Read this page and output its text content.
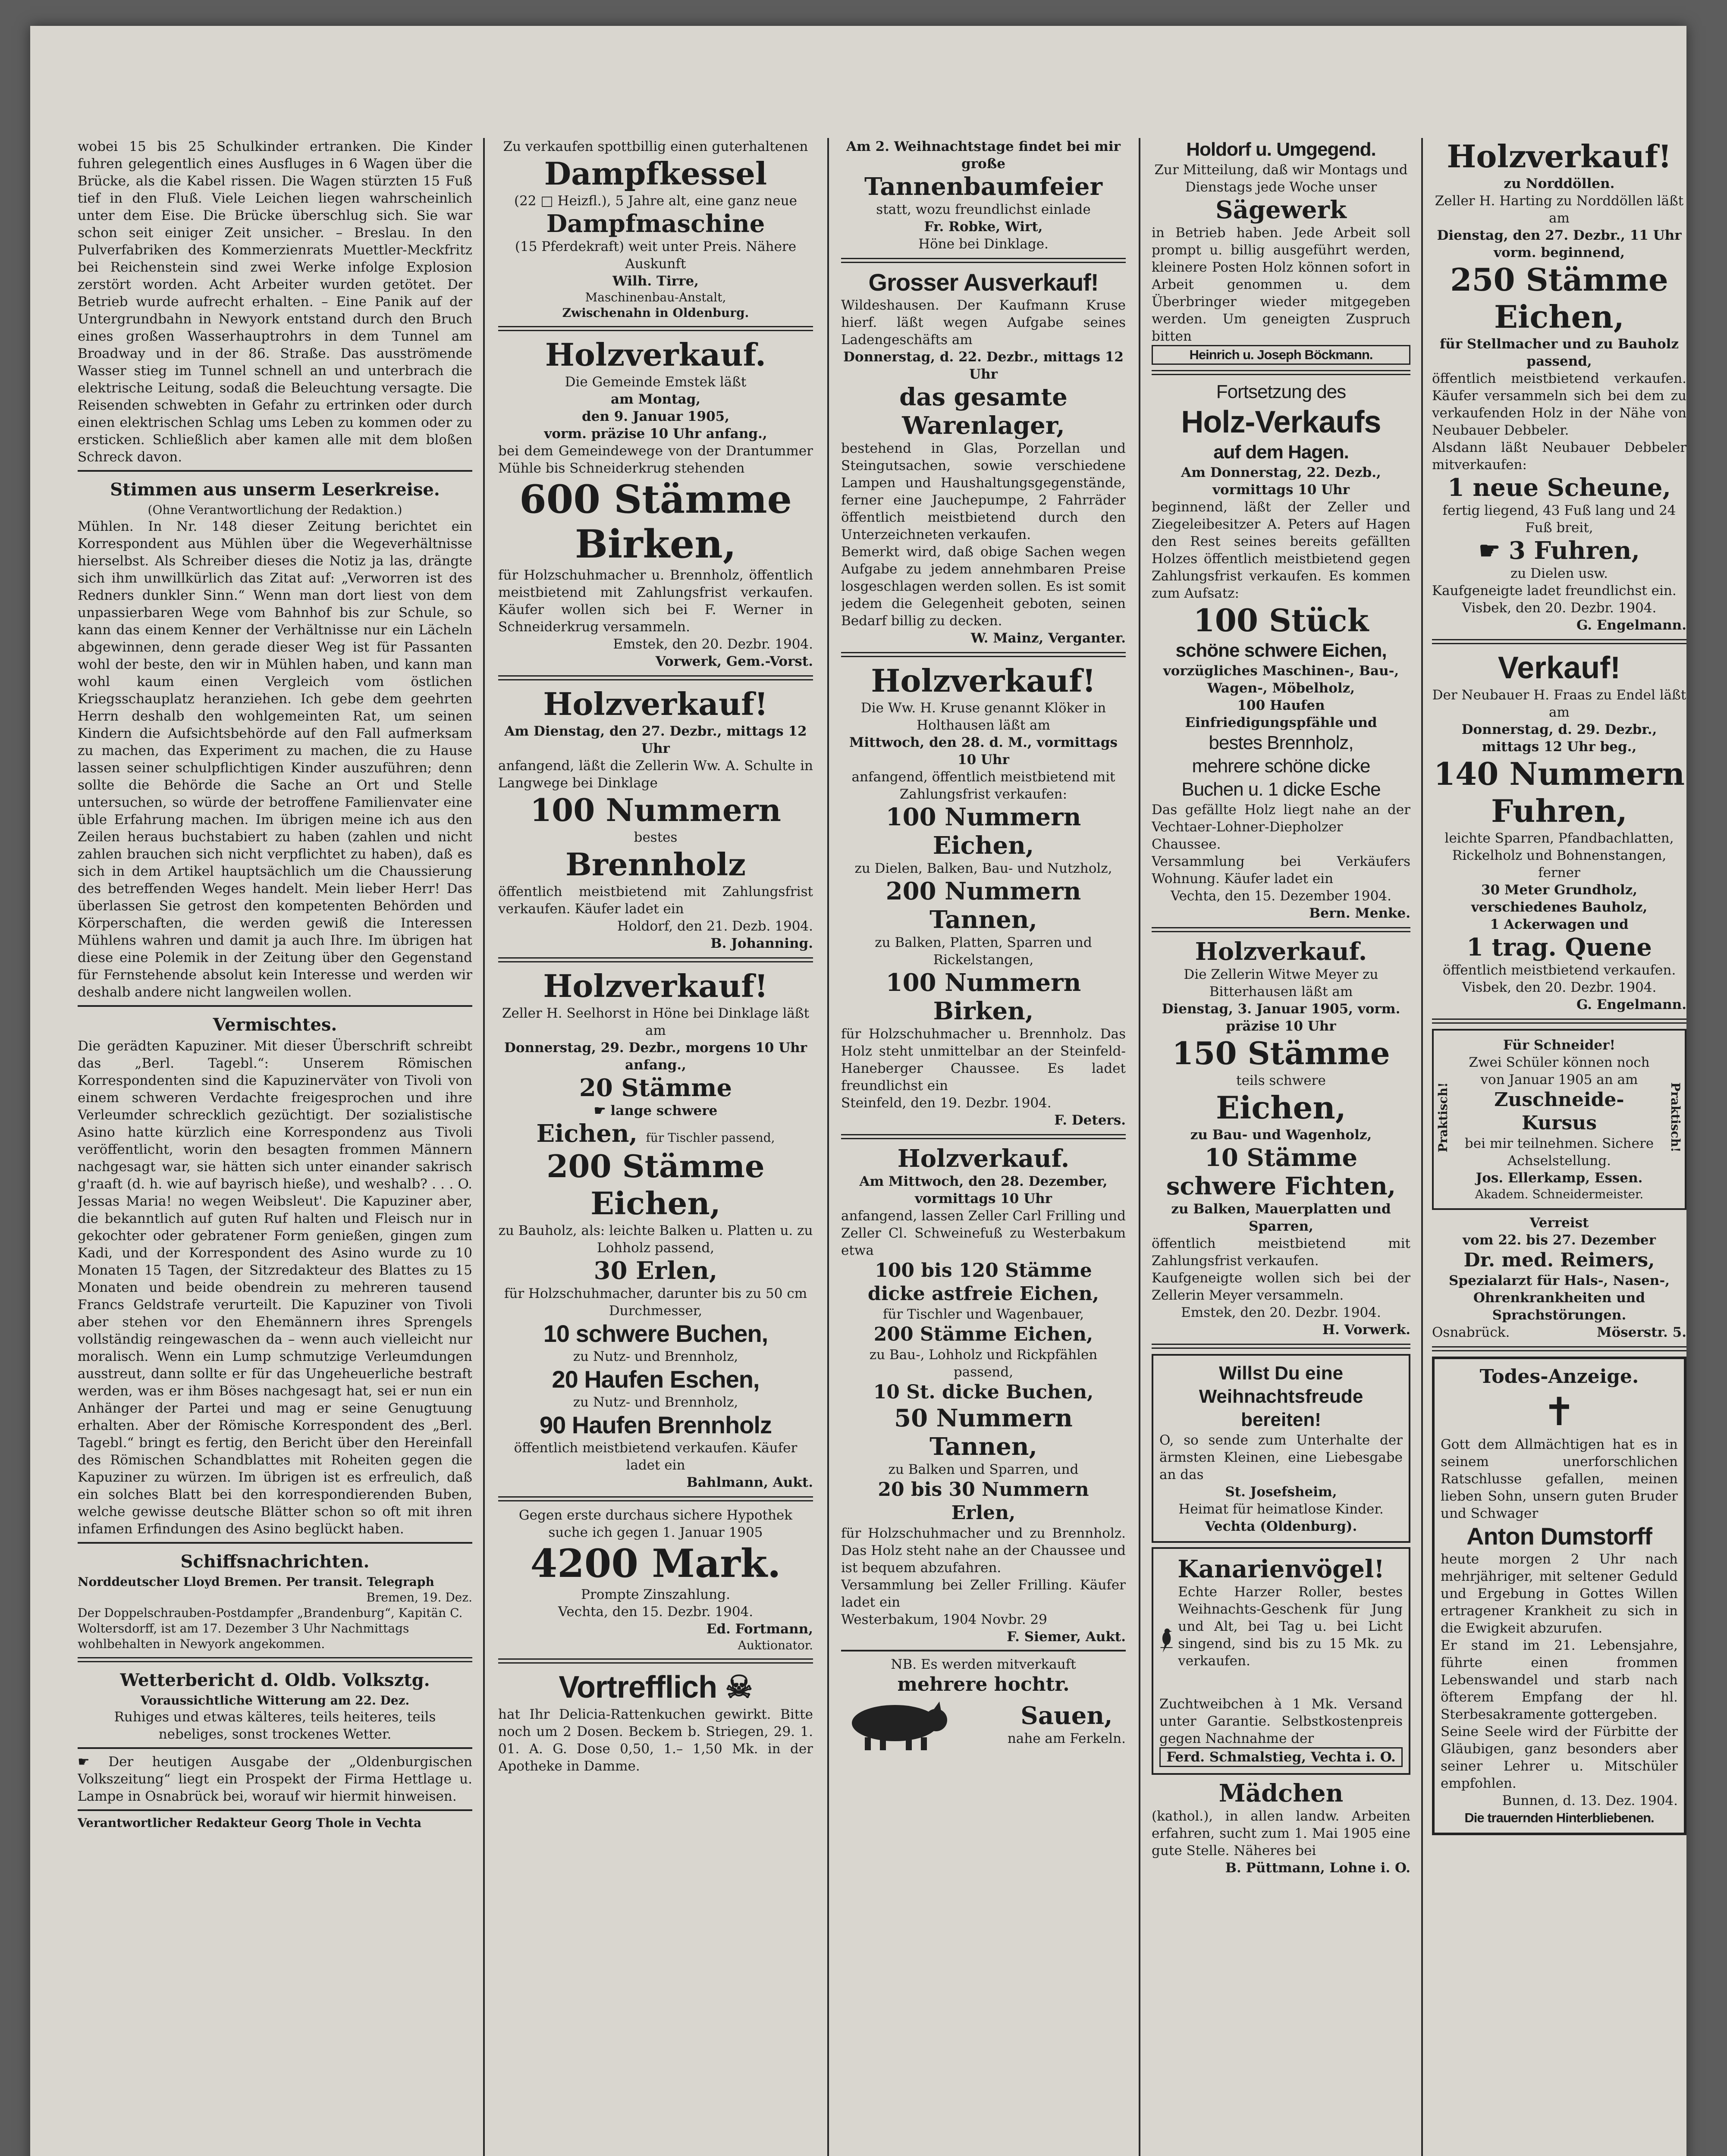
wobei 15 bis 25 Schulkinder ertranken. Die Kinder fuhren gelegentlich eines Ausfluges in 6 Wagen über die Brücke, als die Kabel rissen. Die Wagen stürzten 15 Fuß tief in den Fluß. Viele Leichen liegen wahrscheinlich unter dem Eise. Die Brücke überschlug sich. Sie war schon seit einiger Zeit unsicher. – Breslau. In den Pulverfabriken des Kommerzienrats Muettler-Meckfritz bei Reichenstein sind zwei Werke infolge Explosion zerstört worden. Acht Arbeiter wurden getötet. Der Betrieb wurde aufrecht erhalten. – Eine Panik auf der Untergrundbahn in Newyork entstand durch den Bruch eines großen Wasserhauptrohrs in dem Tunnel am Broadway und in der 86. Straße. Das ausströmende Wasser stieg im Tunnel schnell an und unterbrach die elektrische Leitung, sodaß die Beleuchtung versagte. Die Reisenden schwebten in Gefahr zu ertrinken oder durch einen elektrischen Schlag ums Leben zu kommen oder zu ersticken. Schließlich aber kamen alle mit dem bloßen Schreck davon.
Stimmen aus unserm Leserkreise.
(Ohne Verantwortlichung der Redaktion.)
Mühlen. In Nr. 148 dieser Zeitung berichtet ein Korrespondent aus Mühlen über die Wegeverhältnisse hierselbst. Als Schreiber dieses die Notiz ja las, drängte sich ihm unwillkürlich das Zitat auf: „Verworren ist des Redners dunkler Sinn.“ Wenn man dort liest von dem unpassierbaren Wege vom Bahnhof bis zur Schule, so kann das einem Kenner der Verhältnisse nur ein Lächeln abgewinnen, denn gerade dieser Weg ist für Passanten wohl der beste, den wir in Mühlen haben, und kann man wohl kaum einen Vergleich vom östlichen Kriegsschauplatz heranziehen. Ich gebe dem geehrten Herrn deshalb den wohlgemeinten Rat, um seinen Kindern die Aufsichtsbehörde auf den Fall aufmerksam zu machen, das Experiment zu machen, die zu Hause lassen seiner schulpflichtigen Kinder auszuführen; denn sollte die Behörde die Sache an Ort und Stelle untersuchen, so würde der betroffene Familienvater eine üble Erfahrung machen. Im übrigen meine ich aus den Zeilen heraus buchstabiert zu haben (zahlen und nicht zahlen brauchen sich nicht verpflichtet zu haben), daß es sich in dem Artikel hauptsächlich um die Chaussierung des betreffenden Weges handelt. Mein lieber Herr! Das überlassen Sie getrost den kompetenten Behörden und Körperschaften, die werden gewiß die Interessen Mühlens wahren und damit ja auch Ihre. Im übrigen hat diese eine Polemik in der Zeitung über den Gegenstand für Fernstehende absolut kein Interesse und werden wir deshalb andere nicht langweilen wollen.
Vermischtes.
Die gerädten Kapuziner. Mit dieser Überschrift schreibt das „Berl. Tagebl.“: Unserem Römischen Korrespondenten sind die Kapuzinerväter von Tivoli von einem schweren Verdachte freigesprochen und ihre Verleumder schrecklich gezüchtigt. Der sozialistische Asino hatte kürzlich eine Korrespondenz aus Tivoli veröffentlicht, worin den besagten frommen Männern nachgesagt war, sie hätten sich unter einander sakrisch g'raaft (d. h. wie auf bayrisch hieße), und weshalb? . . . O. Jessas Maria! no wegen Weibsleut'. Die Kapuziner aber, die bekanntlich auf guten Ruf halten und Fleisch nur in gekochter oder gebratener Form genießen, gingen zum Kadi, und der Korrespondent des Asino wurde zu 10 Monaten 15 Tagen, der Sitzredakteur des Blattes zu 15 Monaten und beide obendrein zu mehreren tausend Francs Geldstrafe verurteilt. Die Kapuziner von Tivoli aber stehen vor den Ehemännern ihres Sprengels vollständig reingewaschen da – wenn auch vielleicht nur moralisch. Wenn ein Lump schmutzige Verleumdungen ausstreut, dann sollte er für das Ungeheuerliche bestraft werden, was er ihm Böses nachgesagt hat, sei er nun ein Anhänger der Partei und mag er seine Genugtuung erhalten. Aber der Römische Korrespondent des „Berl. Tagebl.“ bringt es fertig, den Bericht über den Hereinfall des Römischen Schandblattes mit Roheiten gegen die Kapuziner zu würzen. Im übrigen ist es erfreulich, daß ein solches Blatt bei den korrespondierenden Buben, welche gewisse deutsche Blätter schon so oft mit ihren infamen Erfindungen des Asino beglückt haben.
Schiffsnachrichten.
Norddeutscher Lloyd Bremen. Per transit. Telegraph
Bremen, 19. Dez.
Der Doppelschrauben-Postdampfer „Brandenburg“, Kapitän C. Woltersdorff, ist am 17. Dezember 3 Uhr Nachmittags wohlbehalten in Newyork angekommen.
Wetterbericht d. Oldb. Volksztg.
Voraussichtliche Witterung am 22. Dez.
Ruhiges und etwas kälteres, teils heiteres, teils nebeliges, sonst trockenes Wetter.
☛ Der heutigen Ausgabe der „Oldenburgischen Volkszeitung“ liegt ein Prospekt der Firma Hettlage u. Lampe in Osnabrück bei, worauf wir hiermit hinweisen.
Verantwortlicher Redakteur Georg Thole in Vechta
Zu verkaufen spottbillig einen guterhaltenen
Dampfkessel
(22 □ Heizfl.), 5 Jahre alt, eine ganz neue
Dampfmaschine
(15 Pferdekraft) weit unter Preis. Nähere Auskunft
Wilh. Tirre,
Maschinenbau-Anstalt,
Zwischenahn in Oldenburg.
Holzverkauf.
Die Gemeinde Emstek läßt
am Montag,
den 9. Januar 1905,
vorm. präzise 10 Uhr anfang.,
bei dem Gemeindewege von der Drantummer Mühle bis Schneiderkrug stehenden
600 Stämme
Birken,
für Holzschuhmacher u. Brennholz, öffentlich meistbietend mit Zahlungsfrist verkaufen. Käufer wollen sich bei F. Werner in Schneiderkrug versammeln.
Emstek, den 20. Dezbr. 1904.
Vorwerk, Gem.-Vorst.
Holzverkauf!
Am Dienstag, den 27. Dezbr., mittags 12 Uhr
anfangend, läßt die Zellerin Ww. A. Schulte in Langwege bei Dinklage
100 Nummern
bestes
Brennholz
öffentlich meistbietend mit Zahlungsfrist verkaufen. Käufer ladet ein
Holdorf, den 21. Dezb. 1904.
B. Johanning.
Holzverkauf!
Zeller H. Seelhorst in Höne bei Dinklage läßt am
Donnerstag, 29. Dezbr., morgens 10 Uhr anfang.,
20 Stämme
☛ lange schwere
Eichen, für Tischler passend,
200 Stämme
Eichen,
zu Bauholz, als: leichte Balken u. Platten u. zu Lohholz passend,
30 Erlen,
für Holzschuhmacher, darunter bis zu 50 cm Durchmesser,
10 schwere Buchen,
zu Nutz- und Brennholz,
20 Haufen Eschen,
zu Nutz- und Brennholz,
90 Haufen Brennholz
öffentlich meistbietend verkaufen. Käufer ladet ein
Bahlmann, Aukt.
Gegen erste durchaus sichere Hypothek suche ich gegen 1. Januar 1905
4200 Mark.
Prompte Zinszahlung.
Vechta, den 15. Dezbr. 1904.
Ed. Fortmann,
Auktionator.
Vortrefflich ☠
hat Ihr Delicia-Rattenkuchen gewirkt. Bitte noch um 2 Dosen. Beckem b. Striegen, 29. 1. 01. A. G. Dose 0,50, 1.– 1,50 Mk. in der Apotheke in Damme.
Am 2. Weihnachtstage findet bei mir große
Tannenbaumfeier
statt, wozu freundlichst einlade
Fr. Robke, Wirt,
Höne bei Dinklage.
Grosser Ausverkauf!
Wildeshausen. Der Kaufmann Kruse hierf. läßt wegen Aufgabe seines Ladengeschäfts am
Donnerstag, d. 22. Dezbr., mittags 12 Uhr
das gesamte
Warenlager,
bestehend in Glas, Porzellan und Steingutsachen, sowie verschiedene Lampen und Haushaltungsgegenstände, ferner eine Jauchepumpe, 2 Fahrräder öffentlich meistbietend durch den Unterzeichneten verkaufen.
Bemerkt wird, daß obige Sachen wegen Aufgabe zu jedem annehmbaren Preise losgeschlagen werden sollen. Es ist somit jedem die Gelegenheit geboten, seinen Bedarf billig zu decken.
W. Mainz, Verganter.
Holzverkauf!
Die Ww. H. Kruse genannt Klöker in Holthausen läßt am
Mittwoch, den 28. d. M., vormittags 10 Uhr
anfangend, öffentlich meistbietend mit Zahlungsfrist verkaufen:
100 Nummern
Eichen,
zu Dielen, Balken, Bau- und Nutzholz,
200 Nummern
Tannen,
zu Balken, Platten, Sparren und Rickelstangen,
100 Nummern
Birken,
für Holzschuhmacher u. Brennholz. Das Holz steht unmittelbar an der Steinfeld-Haneberger Chaussee. Es ladet freundlichst ein
Steinfeld, den 19. Dezbr. 1904.
F. Deters.
Holzverkauf.
Am Mittwoch, den 28. Dezember, vormittags 10 Uhr
anfangend, lassen Zeller Carl Frilling und Zeller Cl. Schweinefuß zu Westerbakum etwa
100 bis 120 Stämme
dicke astfreie Eichen,
für Tischler und Wagenbauer,
200 Stämme Eichen,
zu Bau-, Lohholz und Rickpfählen passend,
10 St. dicke Buchen,
50 Nummern
Tannen,
zu Balken und Sparren, und
20 bis 30 Nummern
Erlen,
für Holzschuhmacher und zu Brennholz. Das Holz steht nahe an der Chaussee und ist bequem abzufahren.
Versammlung bei Zeller Frilling. Käufer ladet ein
Westerbakum, 1904 Novbr. 29
F. Siemer, Aukt.
NB. Es werden mitverkauft
mehrere hochtr.
Sauen,
nahe am Ferkeln.
Holdorf u. Umgegend.
Zur Mitteilung, daß wir Montags und Dienstags jede Woche unser
Sägewerk
in Betrieb haben. Jede Arbeit soll prompt u. billig ausgeführt werden, kleinere Posten Holz können sofort in Arbeit genommen u. dem Überbringer wieder mitgegeben werden. Um geneigten Zuspruch bitten
Heinrich u. Joseph Böckmann.
Fortsetzung des
Holz-Verkaufs
auf dem Hagen.
Am Donnerstag, 22. Dezb., vormittags 10 Uhr
beginnend, läßt der Zeller und Ziegeleibesitzer A. Peters auf Hagen den Rest seines bereits gefällten Holzes öffentlich meistbietend gegen Zahlungsfrist verkaufen. Es kommen zum Aufsatz:
100 Stück
schöne schwere Eichen,
vorzügliches Maschinen-, Bau-, Wagen-, Möbelholz,
100 Haufen
Einfriedigungspfähle und
bestes Brennholz,
mehrere schöne dicke
Buchen u. 1 dicke Esche
Das gefällte Holz liegt nahe an der Vechtaer-Lohner-Diepholzer Chaussee.
Versammlung bei Verkäufers Wohnung. Käufer ladet ein
Vechta, den 15. Dezember 1904.
Bern. Menke.
Holzverkauf.
Die Zellerin Witwe Meyer zu Bitterhausen läßt am
Dienstag, 3. Januar 1905, vorm. präzise 10 Uhr
150 Stämme
teils schwere
Eichen,
zu Bau- und Wagenholz,
10 Stämme
schwere Fichten,
zu Balken, Mauerplatten und Sparren,
öffentlich meistbietend mit Zahlungsfrist verkaufen.
Kaufgeneigte wollen sich bei der Zellerin Meyer versammeln.
Emstek, den 20. Dezbr. 1904.
H. Vorwerk.
Willst Du eine Weihnachtsfreude bereiten!
O, so sende zum Unterhalte der ärmsten Kleinen, eine Liebesgabe an das
St. Josefsheim,
Heimat für heimatlose Kinder.
Vechta (Oldenburg).
Kanarienvögel!
Echte Harzer Roller, bestes Weihnachts-Geschenk für Jung und Alt, bei Tag u. bei Licht singend, sind bis zu 15 Mk. zu verkaufen.
Zuchtweibchen à 1 Mk. Versand unter Garantie. Selbstkostenpreis gegen Nachnahme der
Ferd. Schmalstieg, Vechta i. O.
Mädchen
(kathol.), in allen landw. Arbeiten erfahren, sucht zum 1. Mai 1905 eine gute Stelle. Näheres bei
B. Püttmann, Lohne i. O.
Holzverkauf!
zu Norddöllen.
Zeller H. Harting zu Norddöllen läßt am
Dienstag, den 27. Dezbr., 11 Uhr vorm. beginnend,
250 Stämme
Eichen,
für Stellmacher und zu Bauholz passend,
öffentlich meistbietend verkaufen. Käufer versammeln sich bei dem zu verkaufenden Holz in der Nähe von Neubauer Debbeler.
Alsdann läßt Neubauer Debbeler mitverkaufen:
1 neue Scheune,
fertig liegend, 43 Fuß lang und 24 Fuß breit,
☛ 3 Fuhren,
zu Dielen usw.
Kaufgeneigte ladet freundlichst ein.
Visbek, den 20. Dezbr. 1904.
G. Engelmann.
Verkauf!
Der Neubauer H. Fraas zu Endel läßt am
Donnerstag, d. 29. Dezbr., mittags 12 Uhr beg.,
140 Nummern
Fuhren,
leichte Sparren, Pfandbachlatten, Rickelholz und Bohnenstangen, ferner
30 Meter Grundholz,
verschiedenes Bauholz,
1 Ackerwagen und
1 trag. Quene
öffentlich meistbietend verkaufen.
Visbek, den 20. Dezbr. 1904.
G. Engelmann.
Praktisch!	Praktisch!
Für Schneider!
Zwei Schüler können noch von Januar 1905 an am
Zuschneide-Kursus
bei mir teilnehmen. Sichere Achselstellung.
Jos. Ellerkamp, Essen.
Akadem. Schneidermeister.
Verreist
vom 22. bis 27. Dezember
Dr. med. Reimers,
Spezialarzt für Hals-, Nasen-, Ohrenkrankheiten und Sprachstörungen.
Osnabrück.	Möserstr. 5.
Todes-Anzeige.
✝
Gott dem Allmächtigen hat es in seinem unerforschlichen Ratschlusse gefallen, meinen lieben Sohn, unsern guten Bruder und Schwager
Anton Dumstorff
heute morgen 2 Uhr nach mehrjähriger, mit seltener Geduld und Ergebung in Gottes Willen ertragener Krankheit zu sich in die Ewigkeit abzurufen.
Er stand im 21. Lebensjahre, führte einen frommen Lebenswandel und starb nach öfterem Empfang der hl. Sterbesakramente gottergeben.
Seine Seele wird der Fürbitte der Gläubigen, ganz besonders aber seiner Lehrer u. Mitschüler empfohlen.
Bunnen, d. 13. Dez. 1904.
Die trauernden Hinterbliebenen.
